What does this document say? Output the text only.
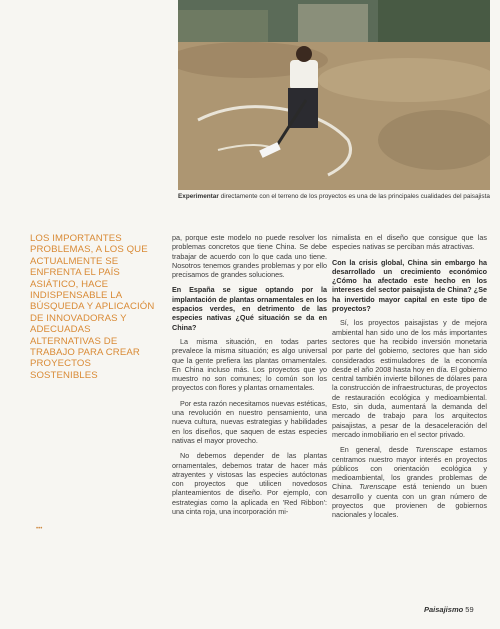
Experimentar directamente con el terreno de los proyectos es una de las principales cualidades del paisajista
LOS IMPORTANTES PROBLEMAS, A LOS QUE ACTUALMENTE SE ENFRENTA EL PAÍS ASIÁTICO, HACE INDISPENSABLE LA BÚSQUEDA Y APLICACIÓN DE INNOVADORAS Y ADECUADAS ALTERNATIVAS DE TRABAJO PARA CREAR PROYECTOS SOSTENIBLES

pa, porque este modelo no puede resolver los problemas concretos que tiene China. Se debe trabajar de acuerdo con lo que cada uno tiene. Nosotros tenemos grandes problemas y por ello precisamos de grandes soluciones.

En España se sigue optando por la implantación de plantas ornamentales en los espacios verdes, en detrimento de las especies nativas ¿Qué situación se da en China?

La misma situación, en todas partes prevalece la misma situación; es algo universal que la gente prefiera las plantas ornamentales. En China incluso más. Los proyectos que yo muestro no son comunes; lo común son los proyectos con flores y plantas ornamentales.

Por esta razón necesitamos nuevas estéticas, una revolución en nuestro pensamiento, una nueva cultura, nuevas estrategias y habilidades en los diseños, que saquen de estas especies nativas el mayor provecho.

No debemos depender de las plantas ornamentales, debemos tratar de hacer más atrayentes y vistosas las especies autóctonas con proyectos que utilicen novedosos planteamientos de diseño. Por ejemplo, con estrategias como la aplicada en 'Red Ribbon': una cinta roja, una incorporación mi-

nimalista en el diseño que consigue que las especies nativas se perciban más atractivas.

Con la crisis global, China sin embargo ha desarrollado un crecimiento económico ¿Cómo ha afectado este hecho en los intereses del sector paisajista de China? ¿Se ha invertido mayor capital en este tipo de proyectos?

Sí, los proyectos paisajistas y de mejora ambiental han sido uno de los más importantes sectores que ha recibido inversión monetaria por parte del gobierno, sectores que han sido considerados estimuladores de la economía desde el año 2008 hasta hoy en día. El gobierno central también invierte billones de dólares para la construcción de infraestructuras, de proyectos de restauración ecológica y medioambiental. Esto, sin duda, aumentará la demanda del mercado de trabajo para los arquitectos paisajistas, a pesar de la desaceleración del mercado inmobiliario en el sector privado.

En general, desde Turenscape estamos centramos nuestro mayor interés en proyectos públicos con orientación ecológica y medioambiental, los grandes problemas de China. Turenscape está teniendo un buen desarrollo y cuenta con un gran número de proyectos que provienen de gobiernos nacionales y locales.

•••
Paisajismo 59
